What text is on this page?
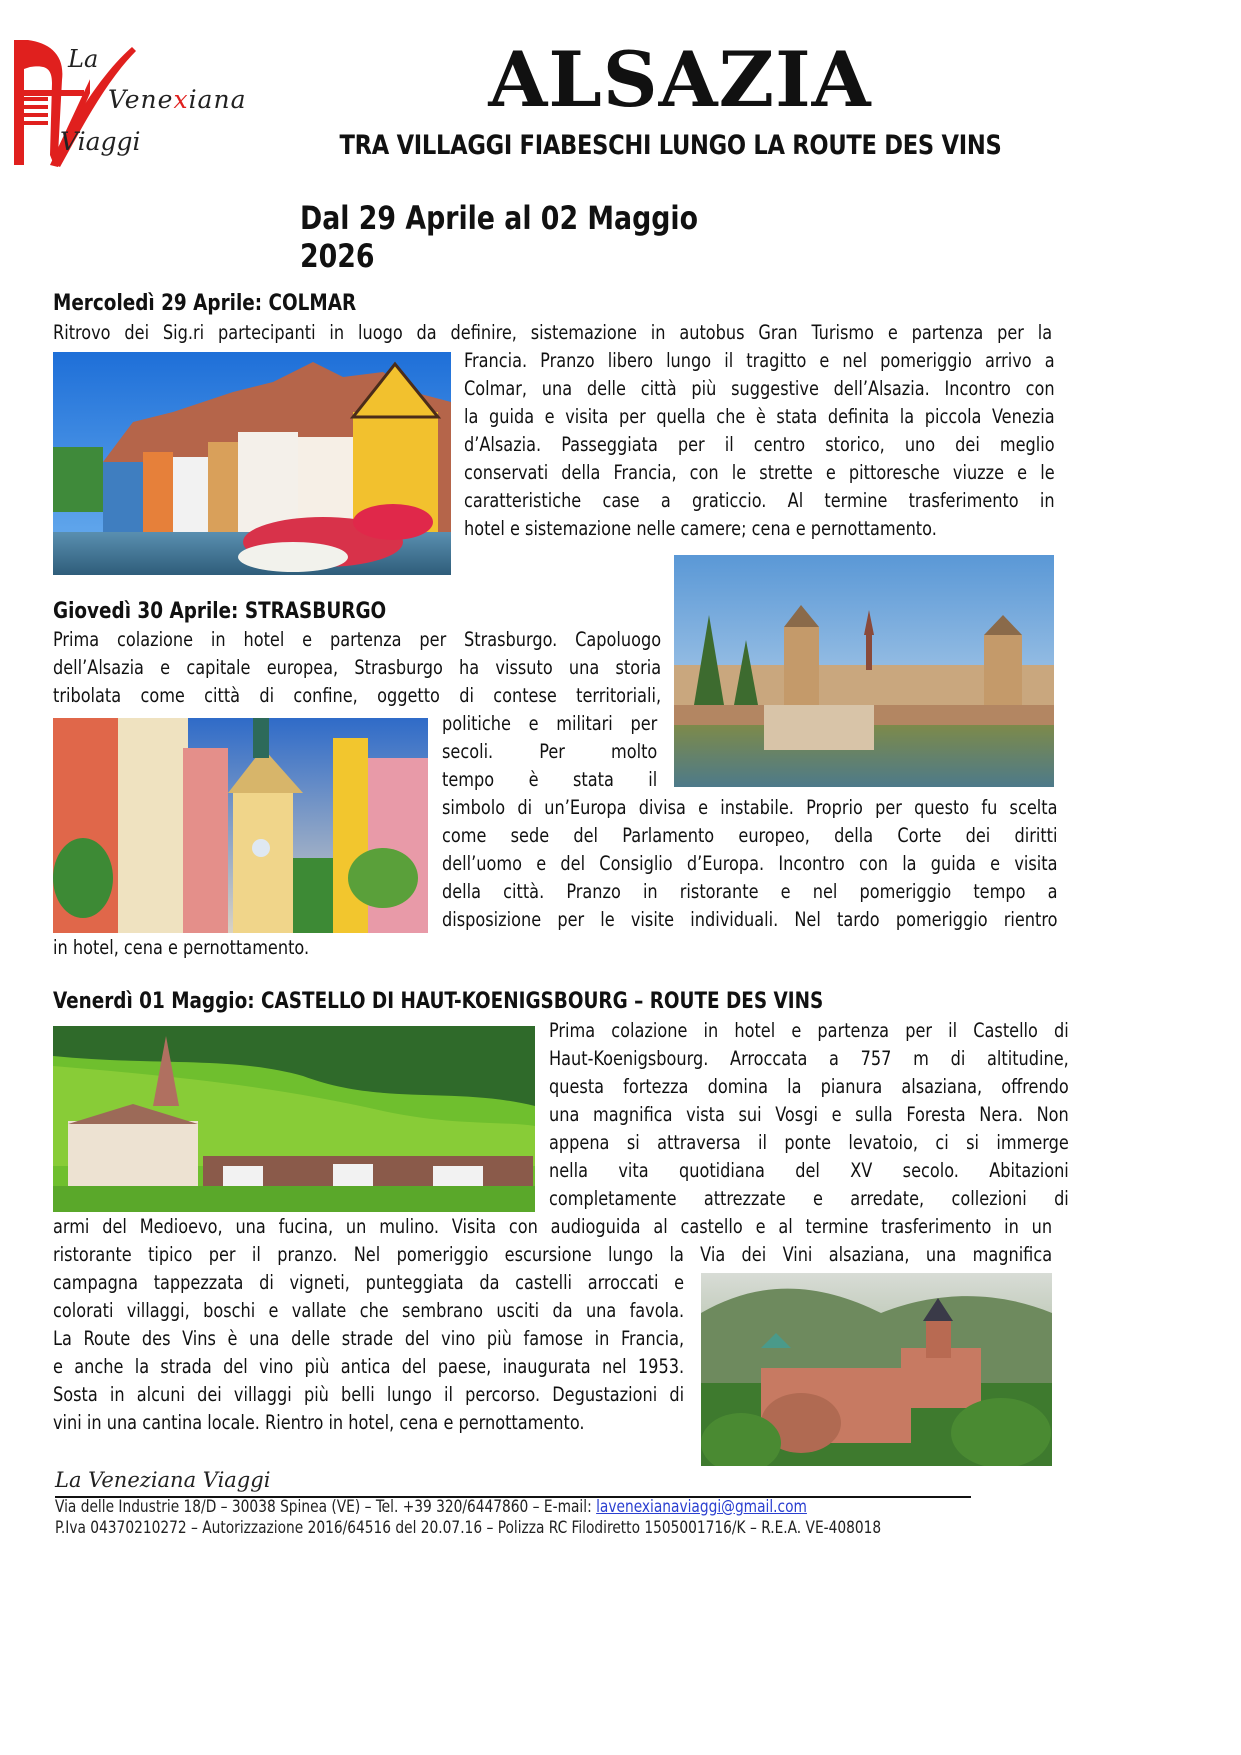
La
Venexiana
Viaggi
ALSAZIA
TRA VILLAGGI FIABESCHI LUNGO LA ROUTE DES VINS
Dal 29 Aprile al 02 Maggio 2026
Mercoledì 29 Aprile: COLMAR
Ritrovo dei Sig.ri partecipanti in luogo da definire, sistemazione in autobus Gran Turismo e partenza per la
Francia. Pranzo libero lungo il tragitto e nel pomeriggio arrivo a
Colmar, una delle città più suggestive dell’Alsazia. Incontro con
la guida e visita per quella che è stata definita la piccola Venezia
d’Alsazia. Passeggiata per il centro storico, uno dei meglio
conservati della Francia, con le strette e pittoresche viuzze e le
caratteristiche case a graticcio. Al termine trasferimento in
hotel e sistemazione nelle camere; cena e pernottamento.
Giovedì 30 Aprile: STRASBURGO
Prima colazione in hotel e partenza per Strasburgo. Capoluogo
dell’Alsazia e capitale europea, Strasburgo ha vissuto una storia
tribolata come città di confine, oggetto di contese territoriali,
politiche e militari per
secoli. Per molto
tempo è stata il
simbolo di un’Europa divisa e instabile. Proprio per questo fu scelta
come sede del Parlamento europeo, della Corte dei diritti
dell’uomo e del Consiglio d’Europa. Incontro con la guida e visita
della città. Pranzo in ristorante e nel pomeriggio tempo a
disposizione per le visite individuali. Nel tardo pomeriggio rientro
in hotel, cena e pernottamento.
Venerdì 01 Maggio: CASTELLO DI HAUT-KOENIGSBOURG – ROUTE DES VINS
Prima colazione in hotel e partenza per il Castello di
Haut-Koenigsbourg. Arroccata a 757 m di altitudine,
questa fortezza domina la pianura alsaziana, offrendo
una magnifica vista sui Vosgi e sulla Foresta Nera. Non
appena si attraversa il ponte levatoio, ci si immerge
nella vita quotidiana del XV secolo. Abitazioni
completamente attrezzate e arredate, collezioni di
armi del Medioevo, una fucina, un mulino. Visita con audioguida al castello e al termine trasferimento in un
ristorante tipico per il pranzo. Nel pomeriggio escursione lungo la Via dei Vini alsaziana, una magnifica
campagna tappezzata di vigneti, punteggiata da castelli arroccati e
colorati villaggi, boschi e vallate che sembrano usciti da una favola.
La Route des Vins è una delle strade del vino più famose in Francia,
e anche la strada del vino più antica del paese, inaugurata nel 1953.
Sosta in alcuni dei villaggi più belli lungo il percorso. Degustazioni di
vini in una cantina locale. Rientro in hotel, cena e pernottamento.
La Veneziana Viaggi
Via delle Industrie 18/D – 30038 Spinea (VE) – Tel. +39 320/6447860 – E-mail: lavenexianaviaggi@gmail.com
P.Iva 04370210272 – Autorizzazione 2016/64516 del 20.07.16 – Polizza RC Filodiretto 1505001716/K – R.E.A. VE-408018
